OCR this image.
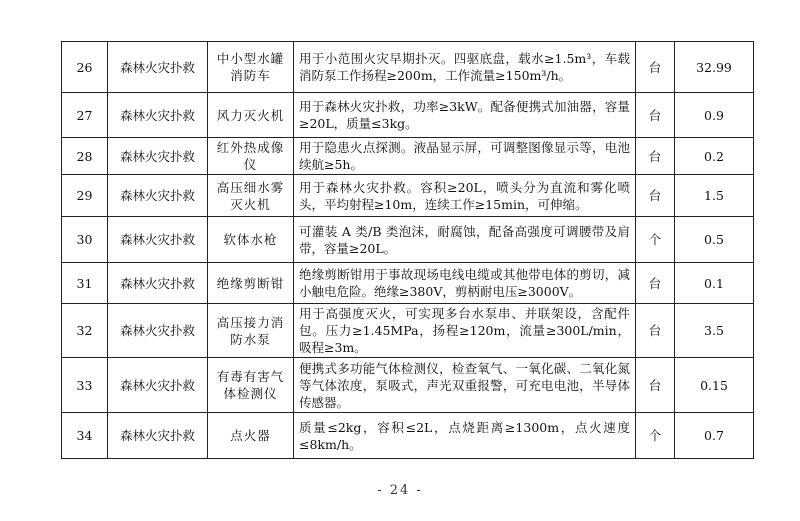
26	森林火灾扑救	中小型水罐消防车	用于小范围火灾早期扑灭。四驱底盘，载水≥1.5m³，车载消防泵工作扬程≥200m，工作流量≥150m³/h。	台	32.99
27	森林火灾扑救	风力灭火机	用于森林火灾扑救，功率≥3kW。配备便携式加油器，容量≥20L，质量≤3kg。	台	0.9
28	森林火灾扑救	红外热成像仪	用于隐患火点探测。液晶显示屏，可调整图像显示等，电池续航≥5h。	台	0.2
29	森林火灾扑救	高压细水雾灭火机	用于森林火灾扑救。容积≥20L，喷头分为直流和雾化喷头，平均射程≥10m，连续工作≥15min，可伸缩。	台	1.5
30	森林火灾扑救	软体水枪	可灌装 A 类/B 类泡沫，耐腐蚀，配备高强度可调腰带及肩带，容量≥20L。	个	0.5
31	森林火灾扑救	绝缘剪断钳	绝缘剪断钳用于事故现场电线电缆或其他带电体的剪切，减小触电危险。绝缘≥380V，剪柄耐电压≥3000V。	台	0.1
32	森林火灾扑救	高压接力消防水泵	用于高强度灭火，可实现多台水泵串、并联架设，含配件包。压力≥1.45MPa，扬程≥120m，流量≥300L/min，吸程≥3m。	台	3.5
33	森林火灾扑救	有毒有害气体检测仪	便携式多功能气体检测仪，检查氧气、一氧化碳、二氧化氮等气体浓度，泵吸式，声光双重报警，可充电电池，半导体传感器。	台	0.15
34	森林火灾扑救	点火器	质量≤2kg，容积≤2L，点烧距离≥1300m，点火速度≤8km/h。	个	0.7
- 24 -
